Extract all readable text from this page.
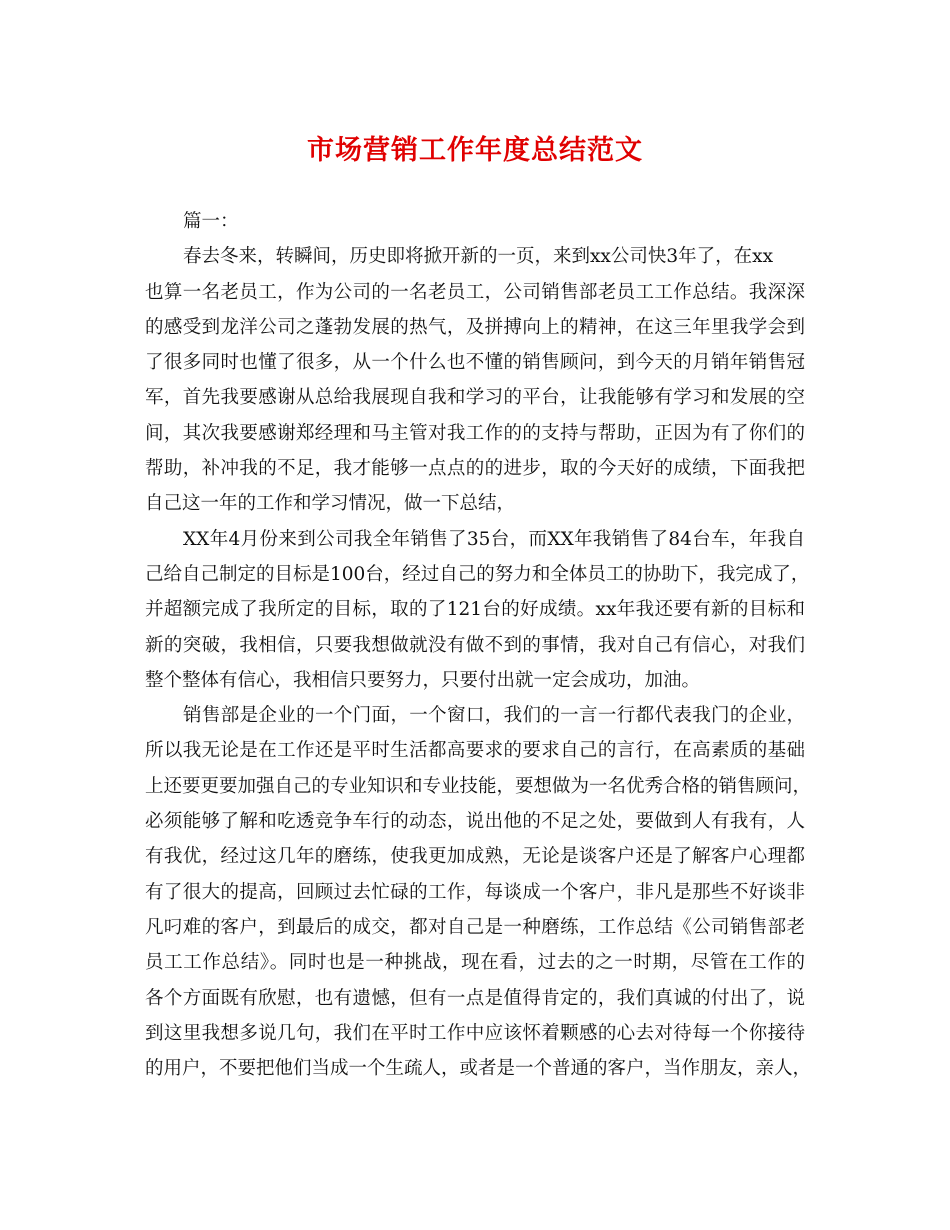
市场营销工作年度总结范文
篇一：
春去冬来，转瞬间，历史即将掀开新的一页，来到xx公司快3年了，在xx
也算一名老员工，作为公司的一名老员工，公司销售部老员工工作总结。我深深
的感受到龙洋公司之蓬勃发展的热气，及拼搏向上的精神，在这三年里我学会到
了很多同时也懂了很多，从一个什么也不懂的销售顾问，到今天的月销年销售冠
军，首先我要感谢从总给我展现自我和学习的平台，让我能够有学习和发展的空
间，其次我要感谢郑经理和马主管对我工作的的支持与帮助，正因为有了你们的
帮助，补冲我的不足，我才能够一点点的的进步，取的今天好的成绩，下面我把
自己这一年的工作和学习情况，做一下总结，
XX年4月份来到公司我全年销售了35台，而XX年我销售了84台车，年我自
己给自己制定的目标是100台，经过自己的努力和全体员工的协助下，我完成了，
并超额完成了我所定的目标，取的了121台的好成绩。xx年我还要有新的目标和
新的突破，我相信，只要我想做就没有做不到的事情，我对自己有信心，对我们
整个整体有信心，我相信只要努力，只要付出就一定会成功，加油。
销售部是企业的一个门面，一个窗口，我们的一言一行都代表我门的企业，
所以我无论是在工作还是平时生活都高要求的要求自己的言行，在高素质的基础
上还要更要加强自己的专业知识和专业技能，要想做为一名优秀合格的销售顾问，
必须能够了解和吃透竞争车行的动态，说出他的不足之处，要做到人有我有，人
有我优，经过这几年的磨练，使我更加成熟，无论是谈客户还是了解客户心理都
有了很大的提高，回顾过去忙碌的工作，每谈成一个客户，非凡是那些不好谈非
凡叼难的客户，到最后的成交，都对自己是一种磨练，工作总结《公司销售部老
员工工作总结》。同时也是一种挑战，现在看，过去的之一时期，尽管在工作的
各个方面既有欣慰，也有遗憾，但有一点是值得肯定的，我们真诚的付出了，说
到这里我想多说几句，我们在平时工作中应该怀着颗感的心去对待每一个你接待
的用户，不要把他们当成一个生疏人，或者是一个普通的客户，当作朋友，亲人，
